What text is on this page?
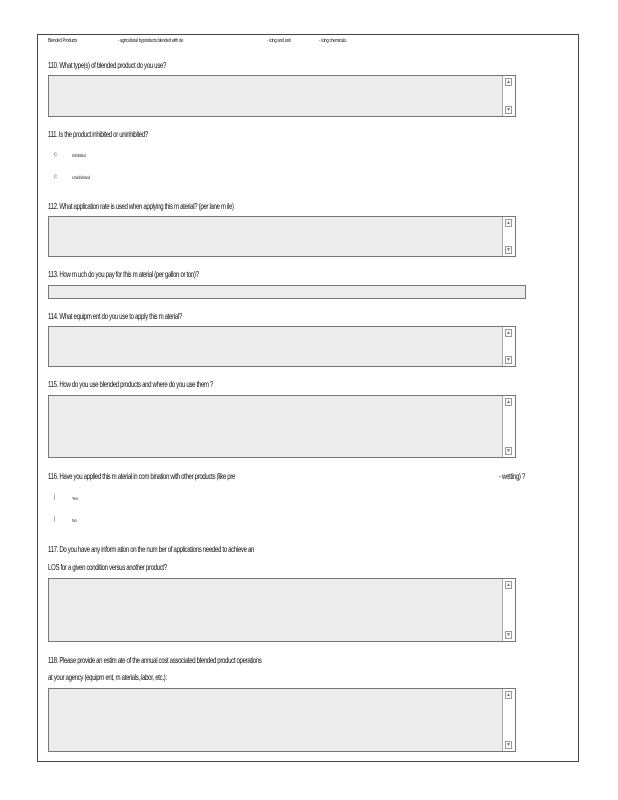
Blended Products	- agricultural byproducts blended with de	- icing and anti	- icing chemicals.
110. What type(s) of blended product do you use?
▲
▼
111. Is the product inhibited or uninhibited?
c	Inhibited
c	Uninhibited
112. What application rate is used when applying this m aterial? (per lane m ile)
▲
▼
113. How m uch do you pay for this m aterial (per gallon or ton)?
114. What equipm ent do you use to apply this m aterial?
▲
▼
115. How do you use blended products and where do you use them ?
▲
▼
116. Have you applied this m aterial in com bination with other products (like pre	- wetting) ?
j	Yes
j	No
117. Do you have any inform ation on the num ber of applications needed to achieve an
LOS for a given condition versus another product?
▲
▼
118. Please provide an estim ate of the annual cost associated blended product operations
at your agency (equipm ent, m aterials, labor, etc.):
▲
▼
